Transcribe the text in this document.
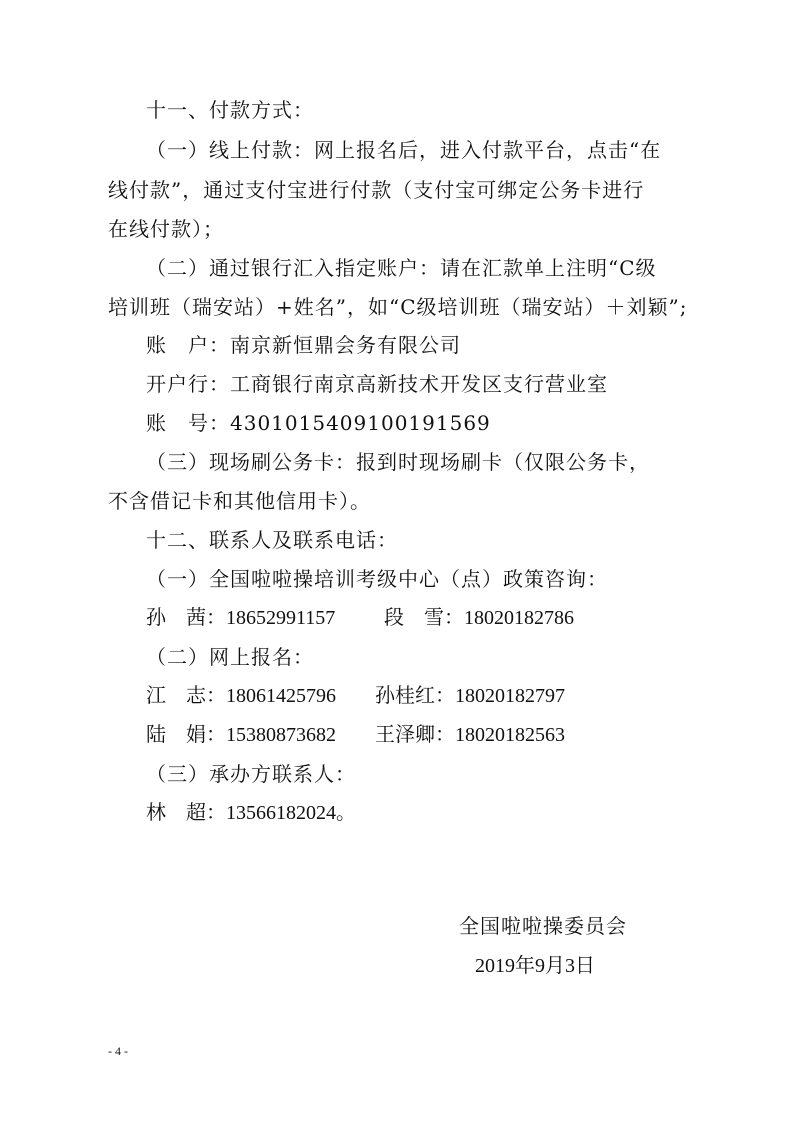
十一、付款方式：
（一）线上付款：网上报名后，进入付款平台，点击“在
线付款”，通过支付宝进行付款（支付宝可绑定公务卡进行
在线付款）；
（二）通过银行汇入指定账户：请在汇款单上注明“C级
培训班（瑞安站）+姓名”，如“C级培训班（瑞安站）＋刘颖”;
账　户：南京新恒鼎会务有限公司
开户行：工商银行南京高新技术开发区支行营业室
账　号：4301015409100191569
（三）现场刷公务卡：报到时现场刷卡（仅限公务卡，
不含借记卡和其他信用卡）。
十二、联系人及联系电话：
（一）全国啦啦操培训考级中心（点）政策咨询：
孙　茜：18652991157 段　雪：18020182786
（二）网上报名：
江　志：18061425796 孙桂红：18020182797
陆　娟：15380873682 王泽卿：18020182563
（三）承办方联系人：
林　超：13566182024。
全国啦啦操委员会
2019年9月3日
- 4 -
